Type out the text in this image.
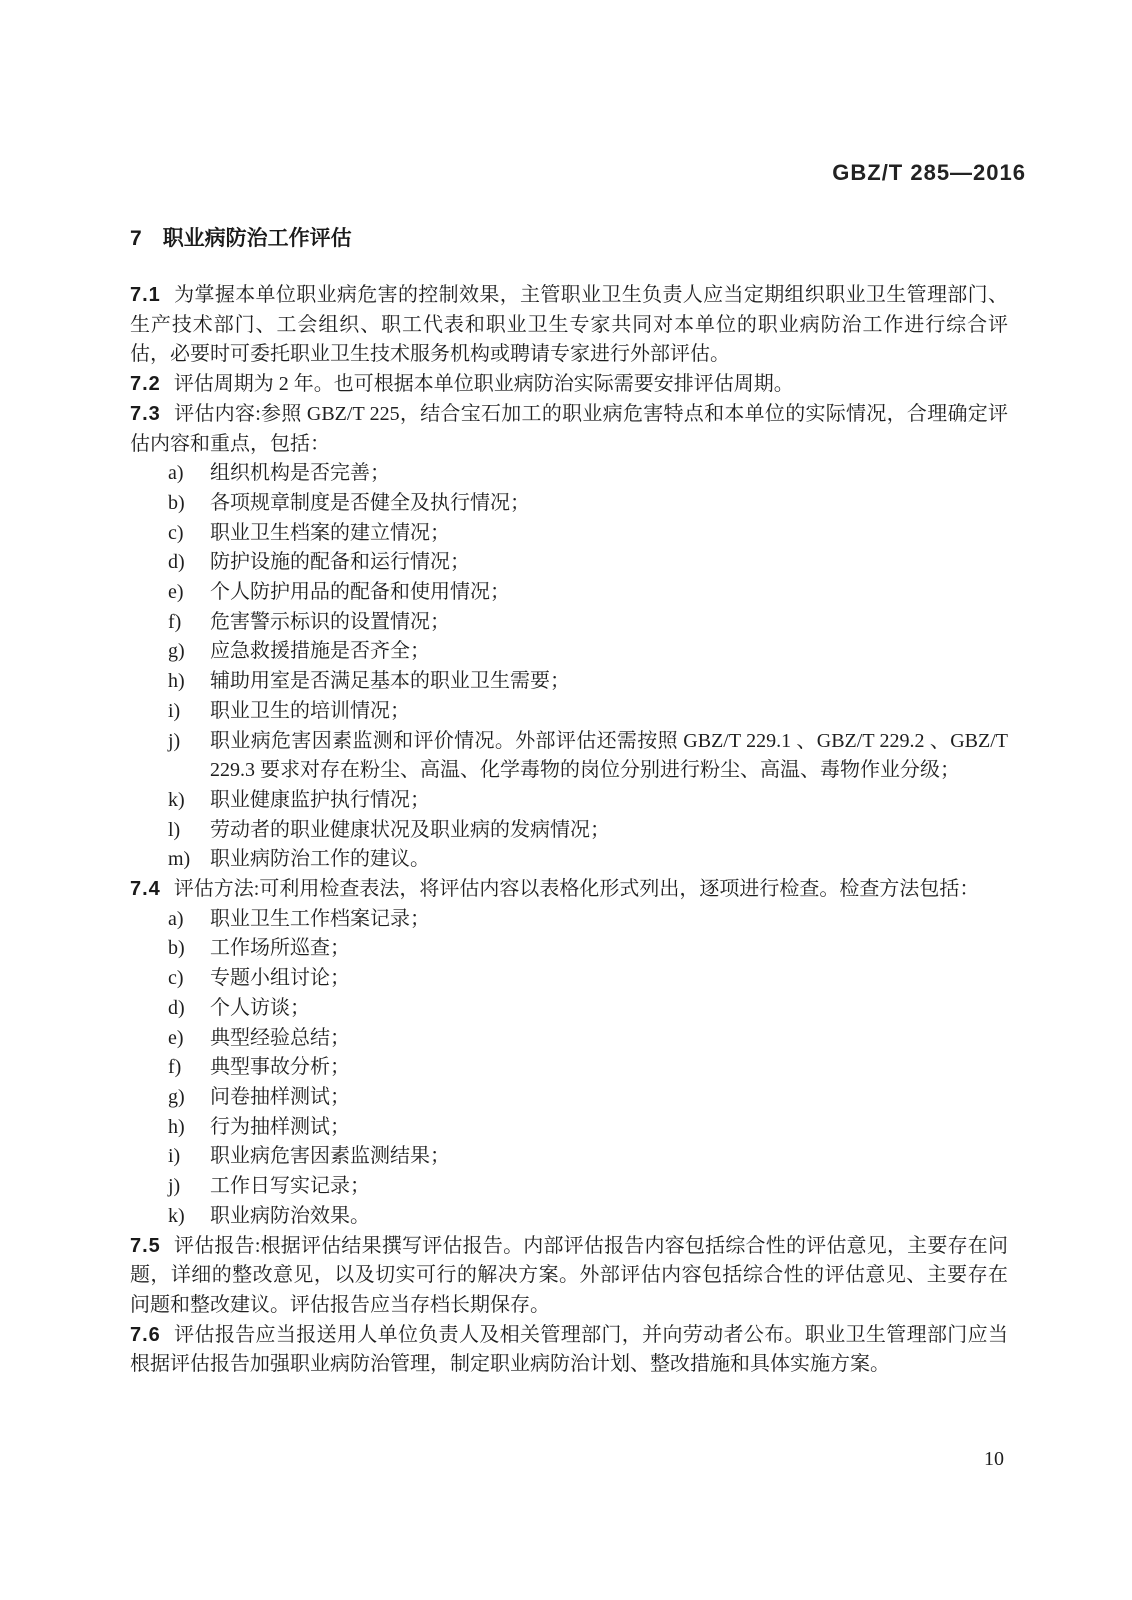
GBZ/T 285—2016
7 职业病防治工作评估

7.1 为掌握本单位职业病危害的控制效果，主管职业卫生负责人应当定期组织职业卫生管理部门、生产技术部门、工会组织、职工代表和职业卫生专家共同对本单位的职业病防治工作进行综合评估，必要时可委托职业卫生技术服务机构或聘请专家进行外部评估。

7.2 评估周期为 2 年。也可根据本单位职业病防治实际需要安排评估周期。

7.3 评估内容:参照 GBZ/T 225，结合宝石加工的职业病危害特点和本单位的实际情况，合理确定评估内容和重点，包括：

a) 组织机构是否完善；
b) 各项规章制度是否健全及执行情况；
c) 职业卫生档案的建立情况；
d) 防护设施的配备和运行情况；
e) 个人防护用品的配备和使用情况；
f) 危害警示标识的设置情况；
g) 应急救援措施是否齐全；
h) 辅助用室是否满足基本的职业卫生需要；
i) 职业卫生的培训情况；
j) 职业病危害因素监测和评价情况。外部评估还需按照 GBZ/T 229.1 、GBZ/T 229.2 、GBZ/T 229.3 要求对存在粉尘、高温、化学毒物的岗位分别进行粉尘、高温、毒物作业分级；
k) 职业健康监护执行情况；
l) 劳动者的职业健康状况及职业病的发病情况；
m) 职业病防治工作的建议。

7.4 评估方法:可利用检查表法，将评估内容以表格化形式列出，逐项进行检查。检查方法包括：

a) 职业卫生工作档案记录；
b) 工作场所巡查；
c) 专题小组讨论；
d) 个人访谈；
e) 典型经验总结；
f) 典型事故分析；
g) 问卷抽样测试；
h) 行为抽样测试；
i) 职业病危害因素监测结果；
j) 工作日写实记录；
k) 职业病防治效果。

7.5 评估报告:根据评估结果撰写评估报告。内部评估报告内容包括综合性的评估意见，主要存在问题，详细的整改意见，以及切实可行的解决方案。外部评估内容包括综合性的评估意见、主要存在问题和整改建议。评估报告应当存档长期保存。

7.6 评估报告应当报送用人单位负责人及相关管理部门，并向劳动者公布。职业卫生管理部门应当根据评估报告加强职业病防治管理，制定职业病防治计划、整改措施和具体实施方案。

10
